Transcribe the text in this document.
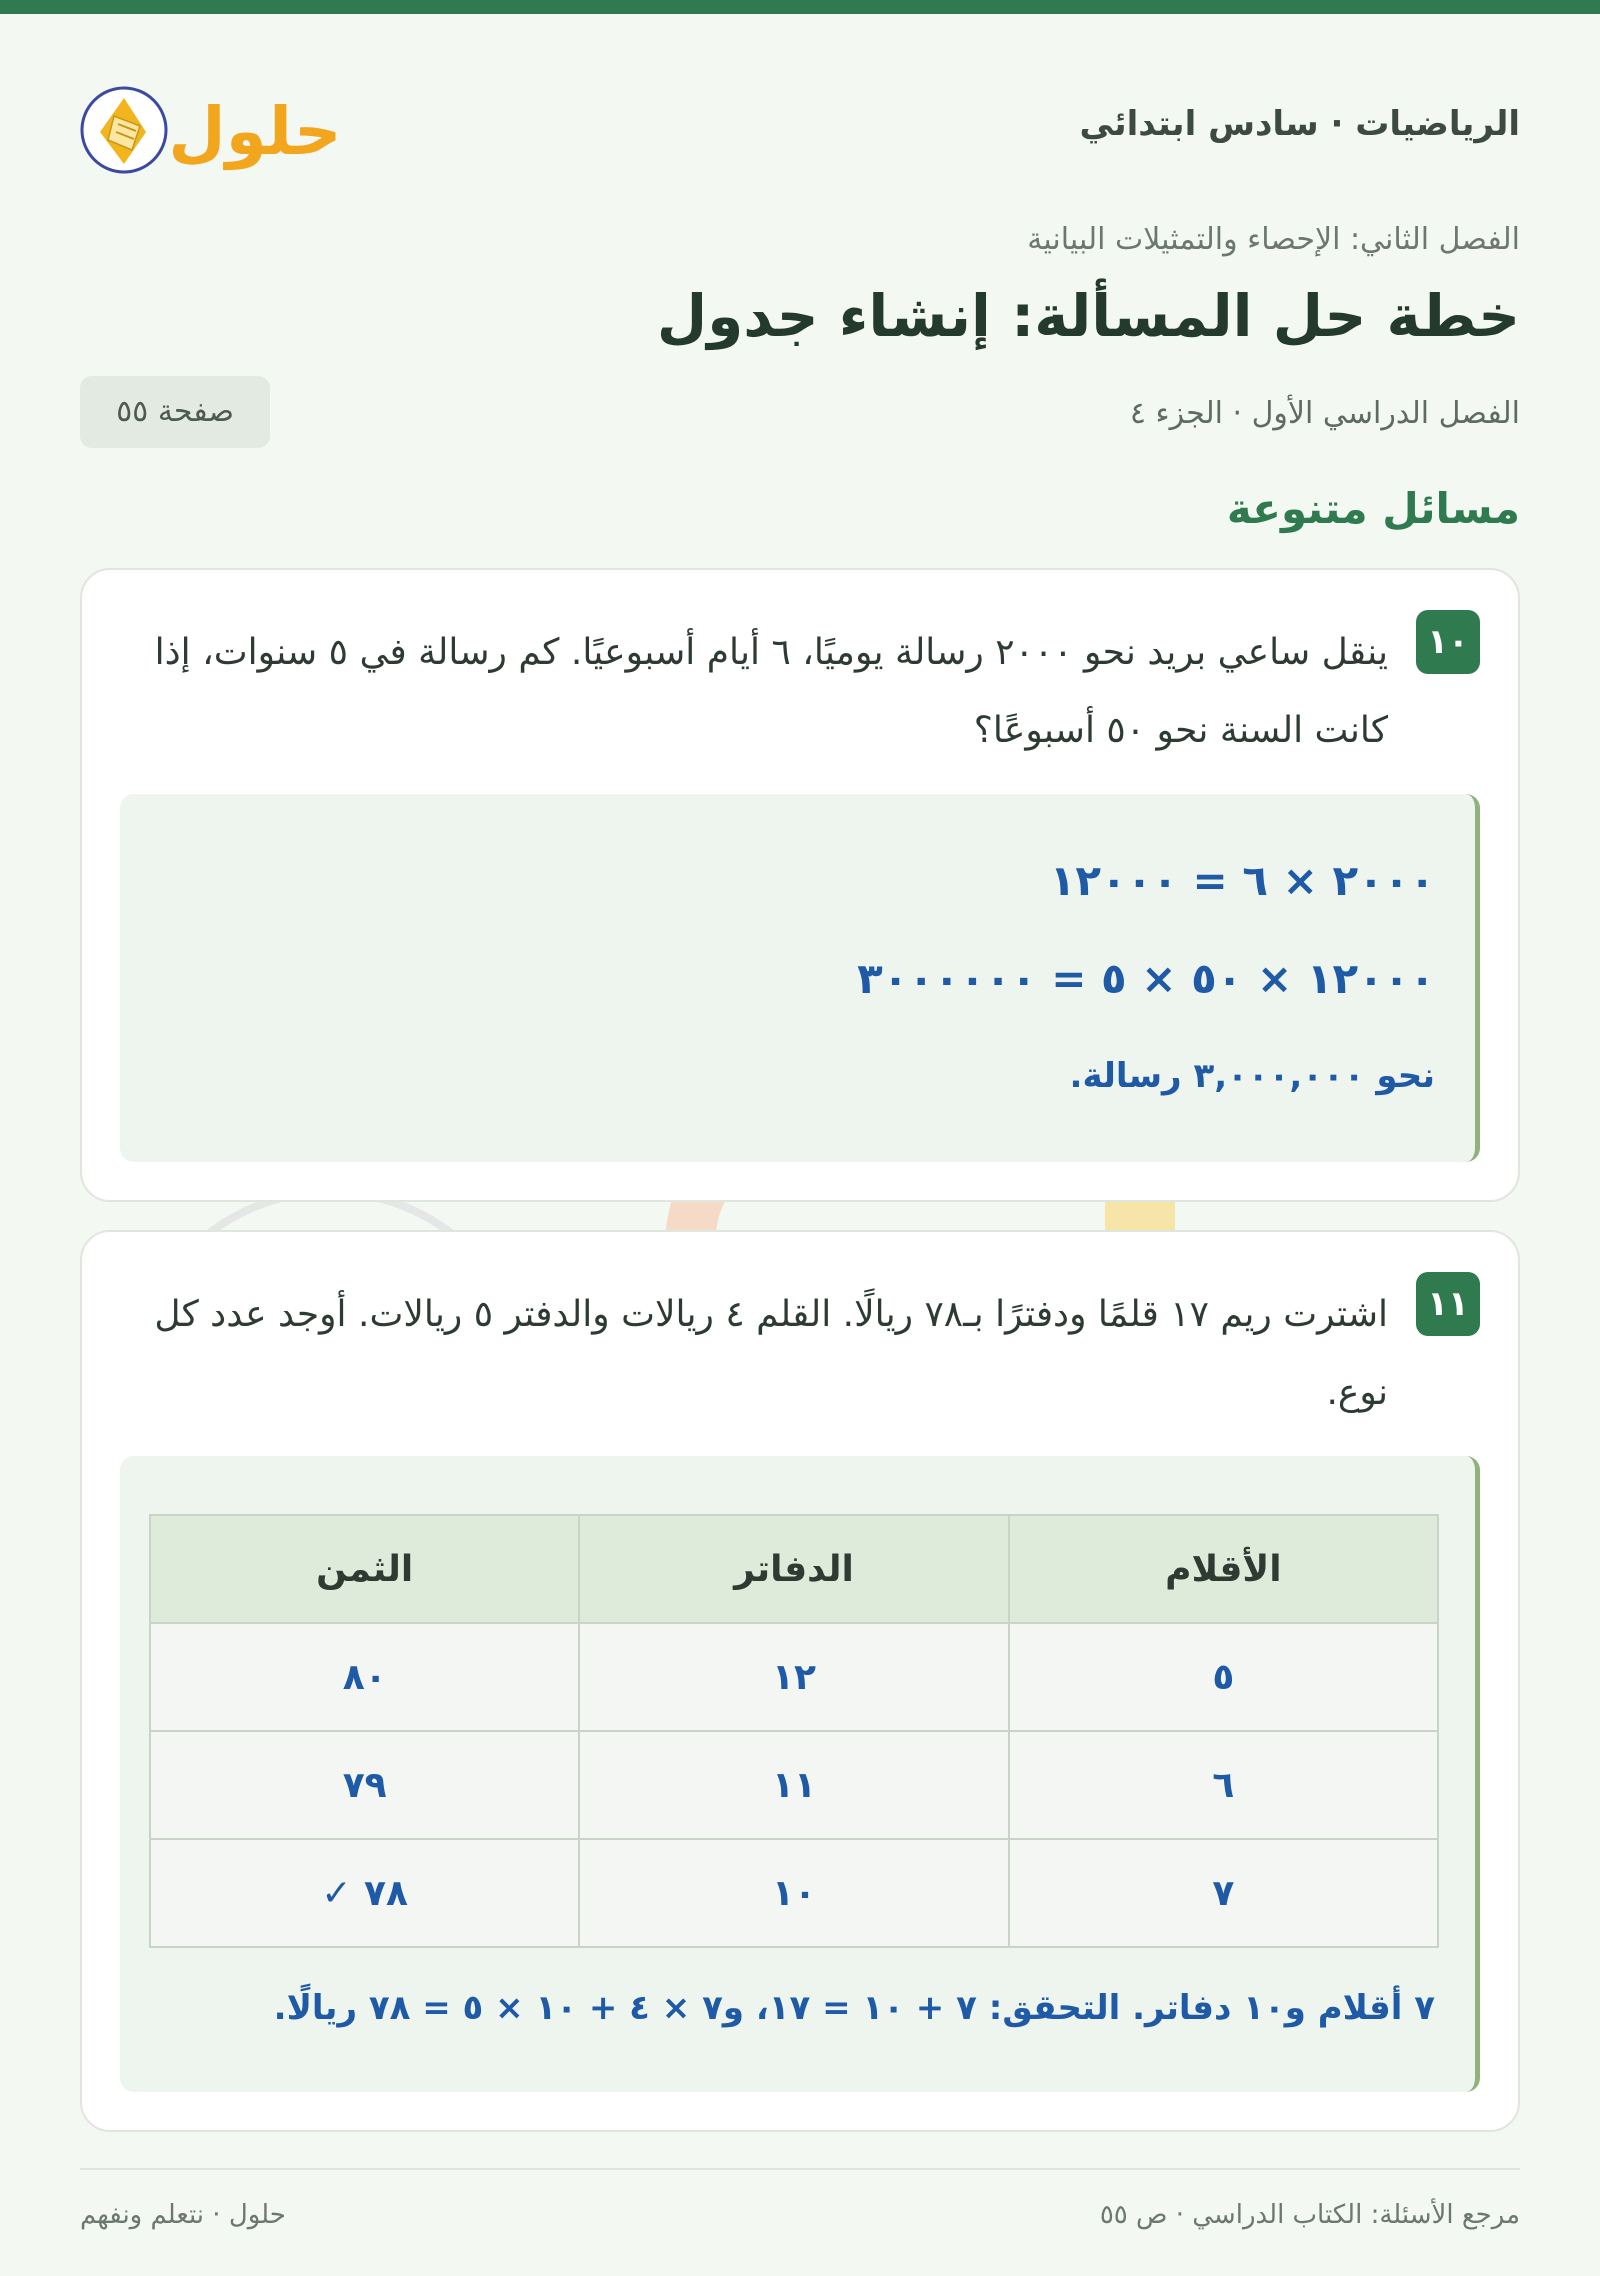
الرياضيات · سادس ابتدائي
حلول
الفصل الثاني: الإحصاء والتمثيلات البيانية
خطة حل المسألة: إنشاء جدول
الفصل الدراسي الأول · الجزء ٤
صفحة ٥٥
مسائل متنوعة
١٠
ينقل ساعي بريد نحو ٢٠٠٠ رسالة يوميًا، ٦ أيام أسبوعيًا. كم رسالة في ٥ سنوات، إذا كانت السنة نحو ٥٠ أسبوعًا؟
٢٠٠٠ × ٦ = ١٢٠٠٠
١٢٠٠٠ × ٥٠ × ٥ = ٣٠٠٠٠٠٠
نحو ٣,٠٠٠,٠٠٠ رسالة.
١١
اشترت ريم ١٧ قلمًا ودفترًا بـ٧٨ ريالًا. القلم ٤ ريالات والدفتر ٥ ريالات. أوجد عدد كل نوع.
الأقلام	الدفاتر	الثمن
٥	١٢	٨٠
٦	١١	٧٩
٧	١٠	٧٨ ✓
٧ أقلام و١٠ دفاتر. التحقق: ٧ + ١٠ = ١٧، و٧ × ٤ + ١٠ × ٥ = ٧٨ ريالًا.
مرجع الأسئلة: الكتاب الدراسي · ص ٥٥
حلول · نتعلم ونفهم
